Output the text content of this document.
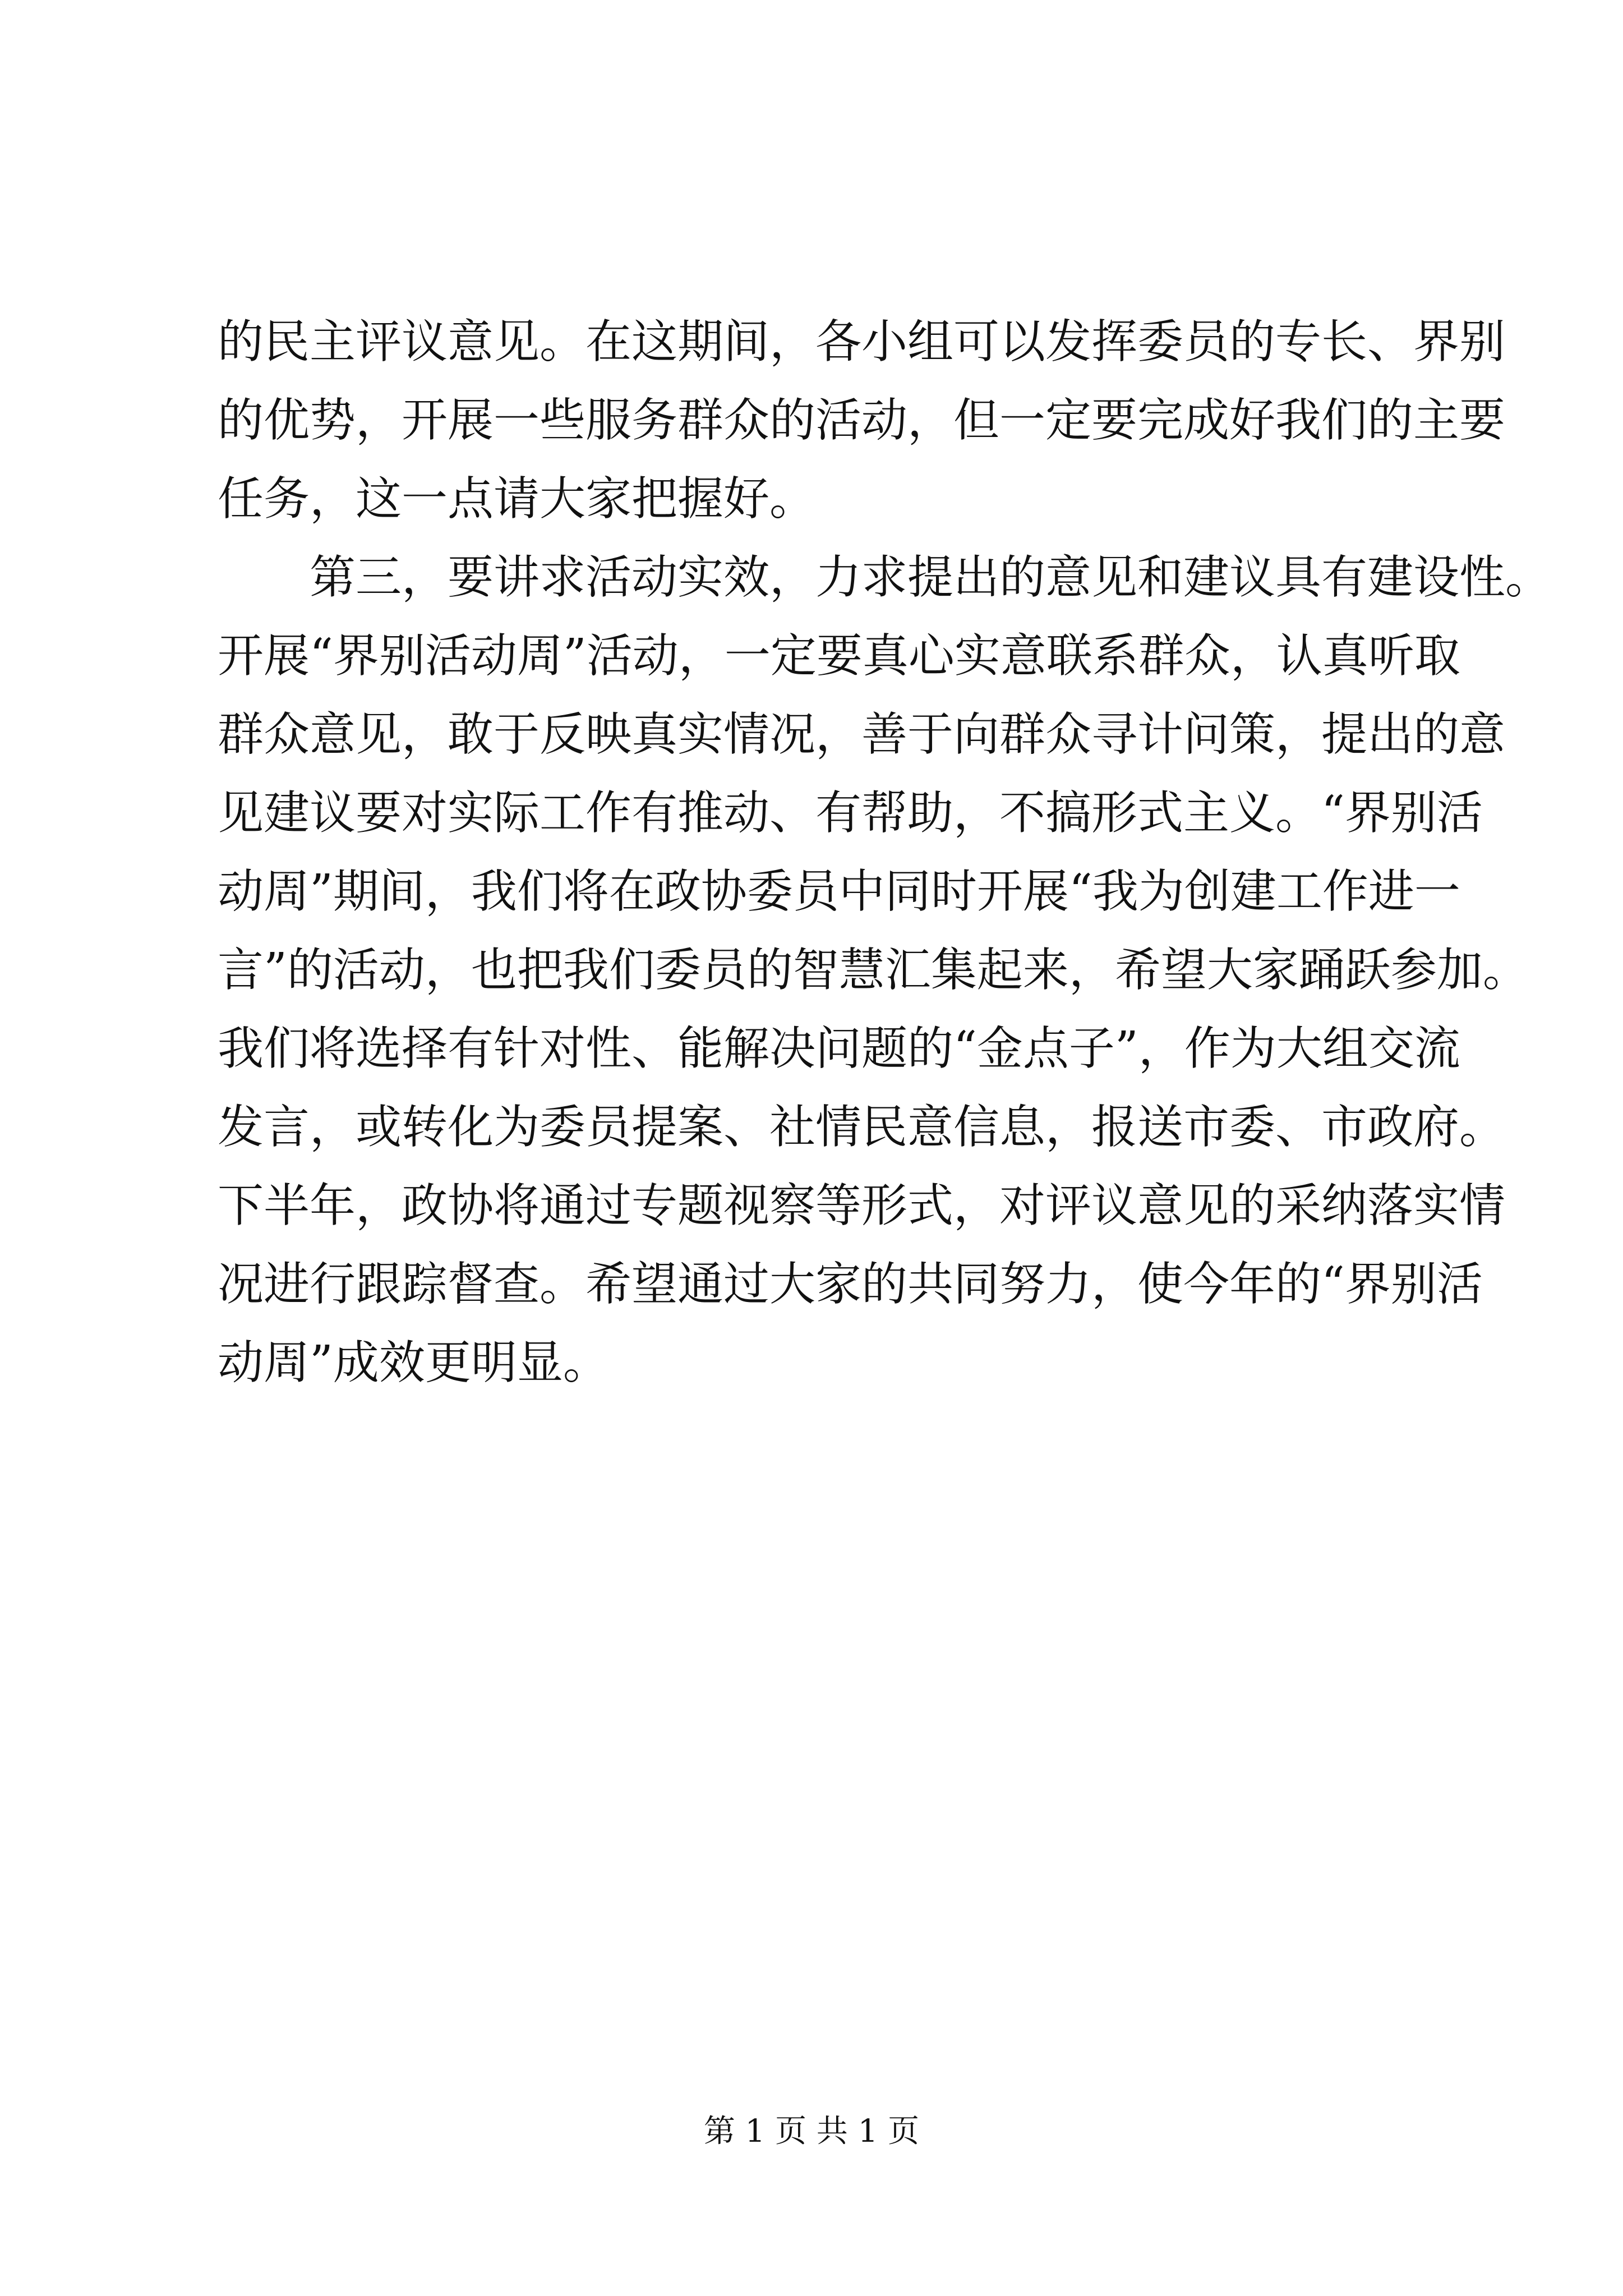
的民主评议意见。在这期间，各小组可以发挥委员的专长、界别
的优势，开展一些服务群众的活动，但一定要完成好我们的主要
任务，这一点请大家把握好。
　　第三，要讲求活动实效，力求提出的意见和建议具有建设性。
开展“界别活动周”活动，一定要真心实意联系群众，认真听取
群众意见，敢于反映真实情况，善于向群众寻计问策，提出的意
见建议要对实际工作有推动、有帮助，不搞形式主义。“界别活
动周”期间，我们将在政协委员中同时开展“我为创建工作进一
言”的活动，也把我们委员的智慧汇集起来，希望大家踊跃参加。
我们将选择有针对性、能解决问题的“金点子”，作为大组交流
发言，或转化为委员提案、社情民意信息，报送市委、市政府。
下半年，政协将通过专题视察等形式，对评议意见的采纳落实情
况进行跟踪督查。希望通过大家的共同努力，使今年的“界别活
动周”成效更明显。
第 1 页 共 1 页
